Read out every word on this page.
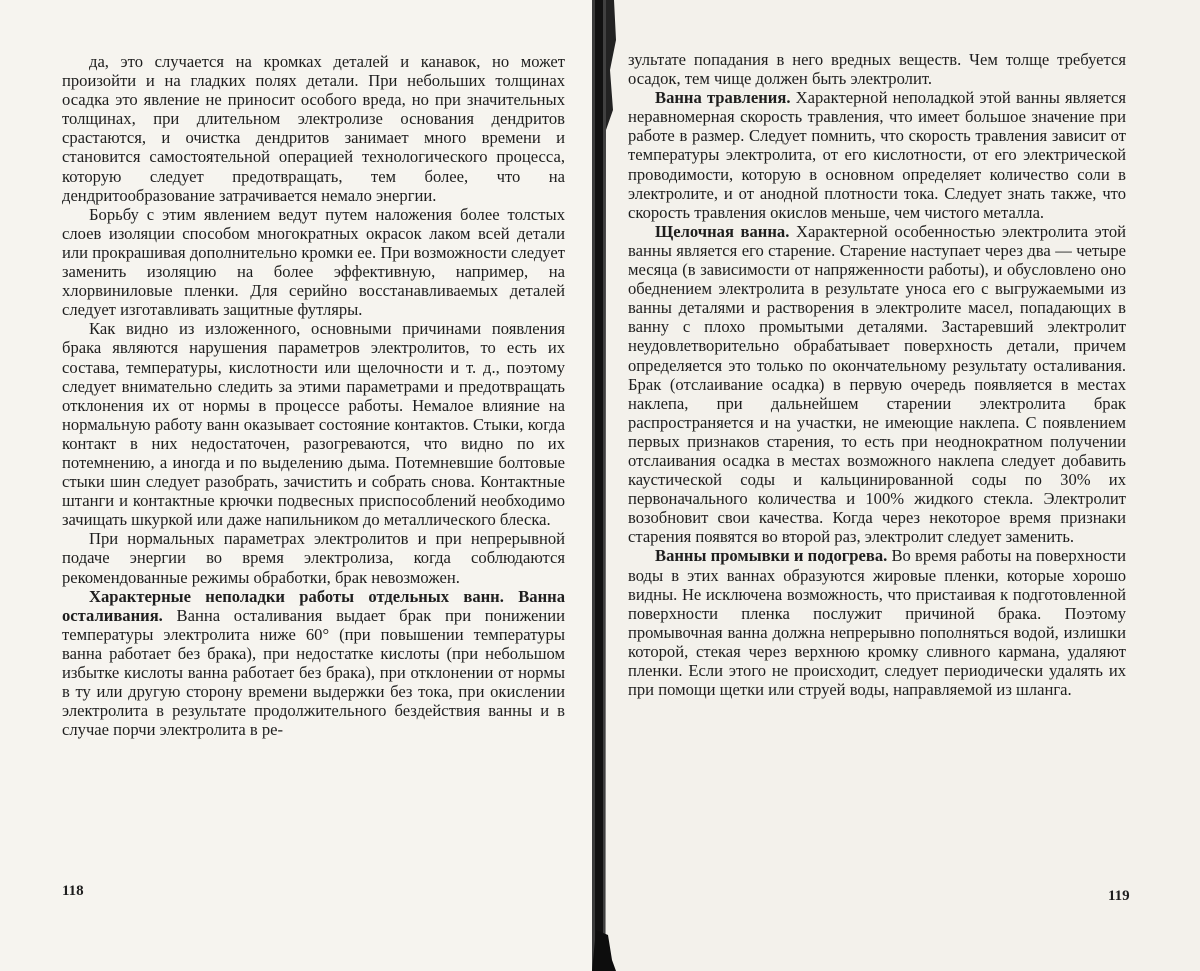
да, это случается на кромках деталей и канавок, но может произойти и на гладких полях детали. При небольших толщинах осадка это явление не приносит особого вреда, но при значительных толщинах, при длительном электролизе основания дендритов срастаются, и очистка дендритов занимает много времени и становится самостоятельной операцией технологического процесса, которую следует предотвращать, тем более, что на дендритообразование затрачивается немало энергии.

Борьбу с этим явлением ведут путем наложения более толстых слоев изоляции способом многократных окрасок лаком всей детали или прокрашивая дополнительно кромки ее. При возможности следует заменить изоляцию на более эффективную, например, на хлорвиниловые пленки. Для серийно восстанавливаемых деталей следует изготавливать защитные футляры.

Как видно из изложенного, основными причинами появления брака являются нарушения параметров электролитов, то есть их состава, температуры, кислотности или щелочности и т. д., поэтому следует внимательно следить за этими параметрами и предотвращать отклонения их от нормы в процессе работы. Немалое влияние на нормальную работу ванн оказывает состояние контактов. Стыки, когда контакт в них недостаточен, разогреваются, что видно по их потемнению, а иногда и по выделению дыма. Потемневшие болтовые стыки шин следует разобрать, зачистить и собрать снова. Контактные штанги и контактные крючки подвесных приспособлений необходимо зачищать шкуркой или даже напильником до металлического блеска.

При нормальных параметрах электролитов и при непрерывной подаче энергии во время электролиза, когда соблюдаются рекомендованные режимы обработки, брак невозможен.

Характерные неполадки работы отдельных ванн. Ванна осталивания. Ванна осталивания выдает брак при понижении температуры электролита ниже 60° (при повышении температуры ванна работает без брака), при недостатке кислоты (при небольшом избытке кислоты ванна работает без брака), при отклонении от нормы в ту или другую сторону времени выдержки без тока, при окислении электролита в результате продолжительного бездействия ванны и в случае порчи электролита в ре-

118

зультате попадания в него вредных веществ. Чем толще требуется осадок, тем чище должен быть электролит.

Ванна травления. Характерной неполадкой этой ванны является неравномерная скорость травления, что имеет большое значение при работе в размер. Следует помнить, что скорость травления зависит от температуры электролита, от его кислотности, от его электрической проводимости, которую в основном определяет количество соли в электролите, и от анодной плотности тока. Следует знать также, что скорость травления окислов меньше, чем чистого металла.

Щелочная ванна. Характерной особенностью электролита этой ванны является его старение. Старение наступает через два — четыре месяца (в зависимости от напряженности работы), и обусловлено оно обеднением электролита в результате уноса его с выгружаемыми из ванны деталями и растворения в электролите масел, попадающих в ванну с плохо промытыми деталями. Застаревший электролит неудовлетворительно обрабатывает поверхность детали, причем определяется это только по окончательному результату осталивания. Брак (отслаивание осадка) в первую очередь появляется в местах наклепа, при дальнейшем старении электролита брак распространяется и на участки, не имеющие наклепа. С появлением первых признаков старения, то есть при неоднократном получении отслаивания осадка в местах возможного наклепа следует добавить каустической соды и кальцинированной соды по 30% их первоначального количества и 100% жидкого стекла. Электролит возобновит свои качества. Когда через некоторое время признаки старения появятся во второй раз, электролит следует заменить.

Ванны промывки и подогрева. Во время работы на поверхности воды в этих ваннах образуются жировые пленки, которые хорошо видны. Не исключена возможность, что пристаивая к подготовленной поверхности пленка послужит причиной брака. Поэтому промывочная ванна должна непрерывно пополняться водой, излишки которой, стекая через верхнюю кромку сливного кармана, удаляют пленки. Если этого не происходит, следует периодически удалять их при помощи щетки или струей воды, направляемой из шланга.

119
